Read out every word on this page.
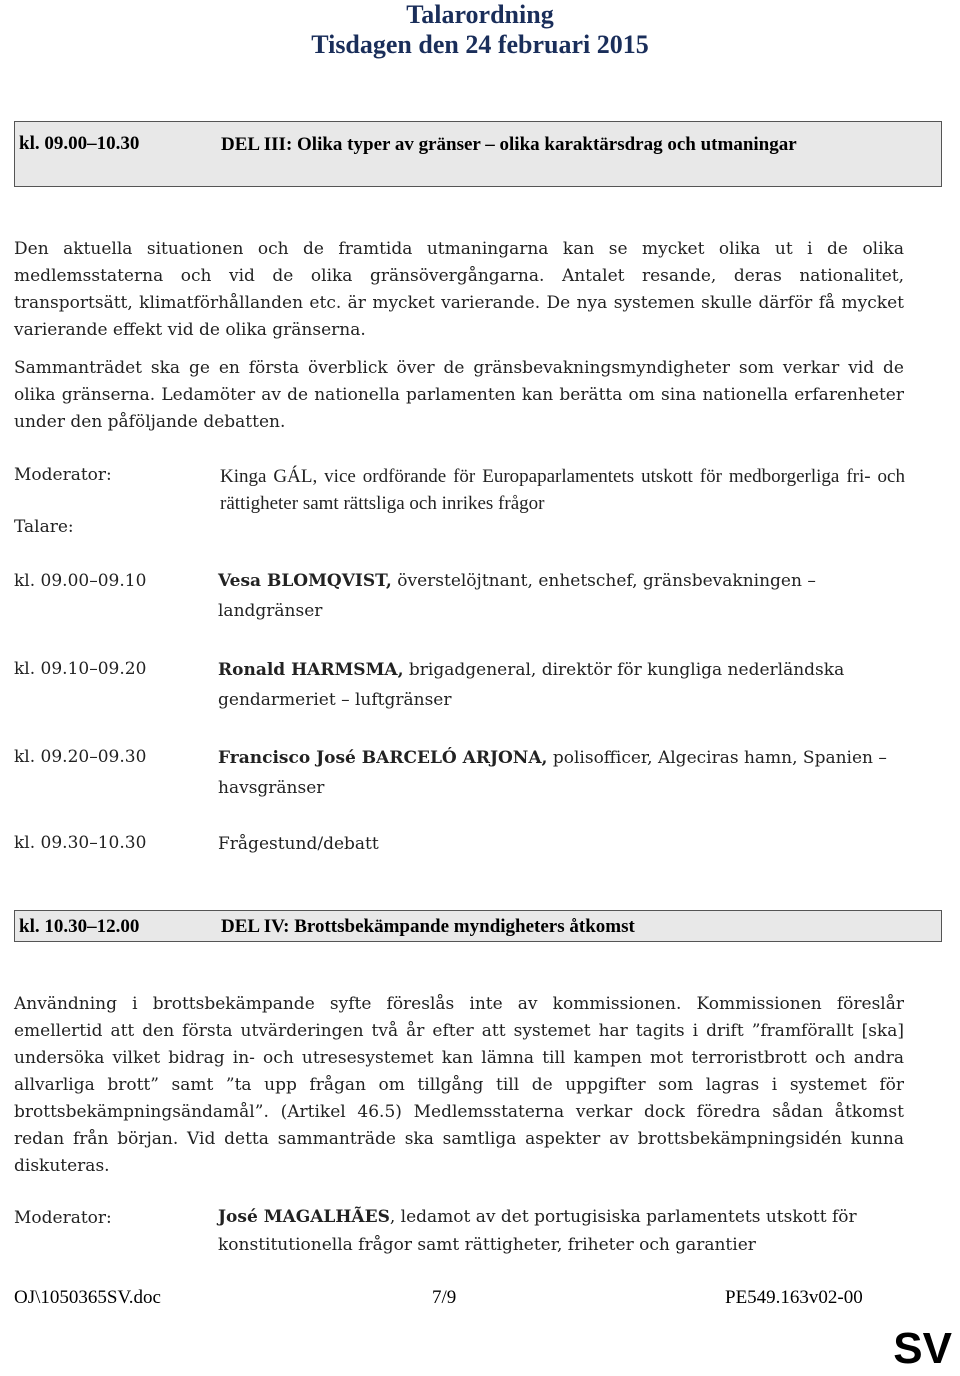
Talarordning
Tisdagen den 24 februari 2015
kl. 09.00–10.30	DEL III: Olika typer av gränser – olika karaktärsdrag och utmaningar
Den aktuella situationen och de framtida utmaningarna kan se mycket olika ut i de olika medlemsstaterna och vid de olika gränsövergångarna. Antalet resande, deras nationalitet, transportsätt, klimatförhållanden etc. är mycket varierande. De nya systemen skulle därför få mycket varierande effekt vid de olika gränserna.
Sammanträdet ska ge en första överblick över de gränsbevakningsmyndigheter som verkar vid de olika gränserna. Ledamöter av de nationella parlamenten kan berätta om sina nationella erfarenheter under den påföljande debatten.
Moderator:	Kinga GÁL, vice ordförande för Europaparlamentets utskott för medborgerliga fri- och rättigheter samt rättsliga och inrikes frågor
Talare:
kl. 09.00–09.10	Vesa BLOMQVIST, överstelöjtnant, enhetschef, gränsbevakningen – landgränser
kl. 09.10–09.20	Ronald HARMSMA, brigadgeneral, direktör för kungliga nederländska gendarmeriet – luftgränser
kl. 09.20–09.30	Francisco José BARCELÓ ARJONA, polisofficer, Algeciras hamn, Spanien – havsgränser
kl. 09.30–10.30	Frågestund/debatt
kl. 10.30–12.00	DEL IV: Brottsbekämpande myndigheters åtkomst
Användning i brottsbekämpande syfte föreslås inte av kommissionen. Kommissionen föreslår emellertid att den första utvärderingen två år efter att systemet har tagits i drift ”framförallt [ska] undersöka vilket bidrag in- och utresesystemet kan lämna till kampen mot terroristbrott och andra allvarliga brott” samt ”ta upp frågan om tillgång till de uppgifter som lagras i systemet för brottsbekämpningsändamål”. (Artikel 46.5) Medlemsstaterna verkar dock föredra sådan åtkomst redan från början. Vid detta sammanträde ska samtliga aspekter av brottsbekämpningsidén kunna diskuteras.
Moderator:	José MAGALHÃES, ledamot av det portugisiska parlamentets utskott för konstitutionella frågor samt rättigheter, friheter och garantier
OJ\1050365SV.doc	7/9	PE549.163v02-00
SV
